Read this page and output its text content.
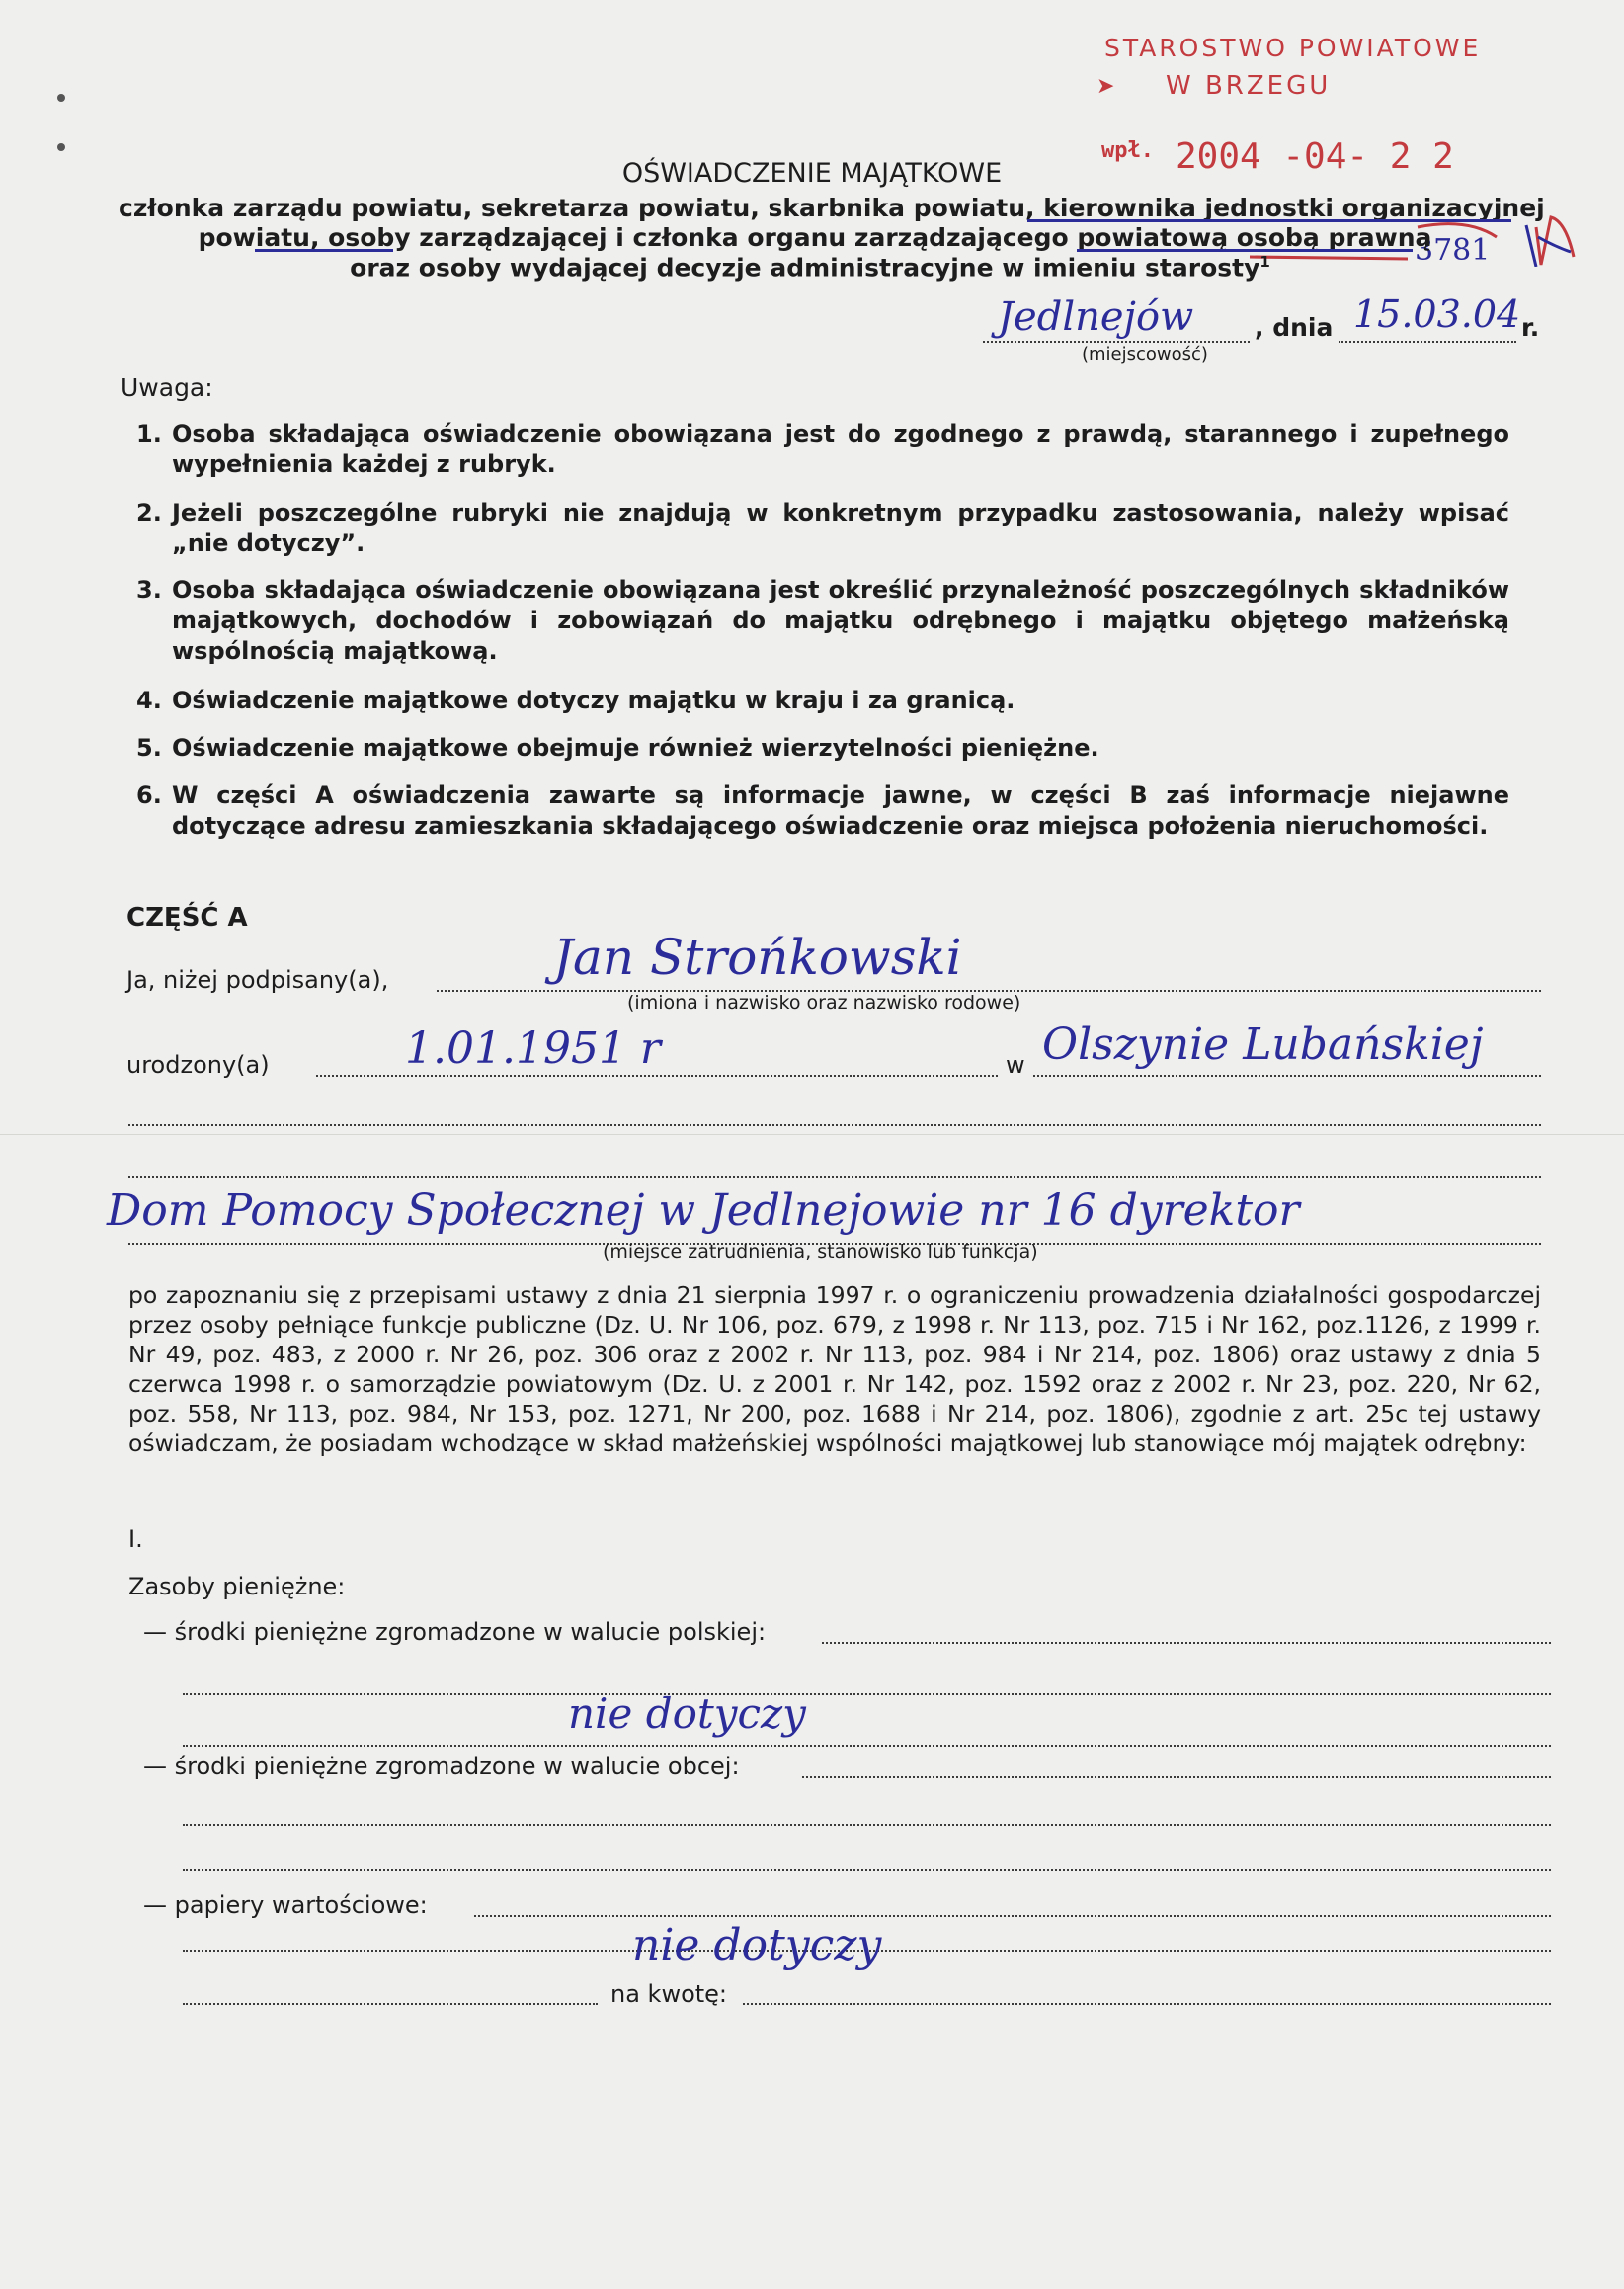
STAROSTWO POWIATOWE
W BRZEGU
➤
wpł. 2004 -04- 2 2
3781
OŚWIADCZENIE MAJĄTKOWE
członka zarządu powiatu, sekretarza powiatu, skarbnika powiatu, kierownika jednostki organizacyjnej
powiatu, osoby zarządzającej i członka organu zarządzającego powiatową osobą prawną
oraz osoby wydającej decyzje administracyjne w imieniu starosty$^1$
Jedlnejów , dnia 15.03.04 r.
(miejscowość)
Uwaga:
1. Osoba składająca oświadczenie obowiązana jest do zgodnego z prawdą, starannego i zupełnego wypełnienia każdej z rubryk.
2. Jeżeli poszczególne rubryki nie znajdują w konkretnym przypadku zastosowania, należy wpisać „nie dotyczy”.
3. Osoba składająca oświadczenie obowiązana jest określić przynależność poszczególnych składników majątkowych, dochodów i zobowiązań do majątku odrębnego i majątku objętego małżeńską wspólnością majątkową.
4. Oświadczenie majątkowe dotyczy majątku w kraju i za granicą.
5. Oświadczenie majątkowe obejmuje również wierzytelności pieniężne.
6. W części A oświadczenia zawarte są informacje jawne, w części B zaś informacje niejawne dotyczące adresu zamieszkania składającego oświadczenie oraz miejsca położenia nieruchomości.
CZĘŚĆ A
Ja, niżej podpisany(a),	Jan Strońkowski
(imiona i nazwisko oraz nazwisko rodowe)
urodzony(a)	1.01.1951 r	w Olszynie Lubańskiej
Dom Pomocy Społecznej w Jedlnejowie nr 16 dyrektor
(miejsce zatrudnienia, stanowisko lub funkcja)
po zapoznaniu się z przepisami ustawy z dnia 21 sierpnia 1997 r. o ograniczeniu prowadzenia działalności gospodarczej przez osoby pełniące funkcje publiczne (Dz. U. Nr 106, poz. 679, z 1998 r. Nr 113, poz. 715 i Nr 162, poz.1126, z 1999 r. Nr 49, poz. 483, z 2000 r. Nr 26, poz. 306 oraz z 2002 r. Nr 113, poz. 984 i Nr 214, poz. 1806) oraz ustawy z dnia 5 czerwca 1998 r. o samorządzie powiatowym (Dz. U. z 2001 r. Nr 142, poz. 1592 oraz z 2002 r. Nr 23, poz. 220, Nr 62, poz. 558, Nr 113, poz. 984, Nr 153, poz. 1271, Nr 200, poz. 1688 i Nr 214, poz. 1806), zgodnie z art. 25c tej ustawy oświadczam, że posiadam wchodzące w skład małżeńskiej wspólności majątkowej lub stanowiące mój majątek odrębny:
I.
Zasoby pieniężne:
— środki pieniężne zgromadzone w walucie polskiej:
nie dotyczy
— środki pieniężne zgromadzone w walucie obcej:
— papiery wartościowe:
nie dotyczy
na kwotę:
